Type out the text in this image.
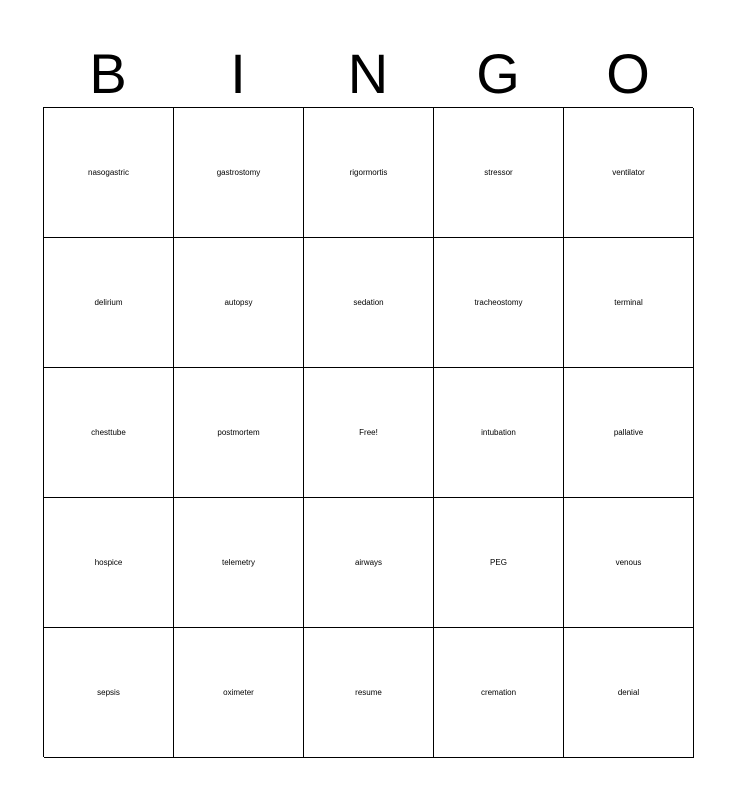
B	I	N	G	O
nasogastric	gastrostomy	rigormortis	stressor	ventilator
delirium	autopsy	sedation	tracheostomy	terminal
chesttube	postmortem	Free!	intubation	pallative
hospice	telemetry	airways	PEG	venous
sepsis	oximeter	resume	cremation	denial
